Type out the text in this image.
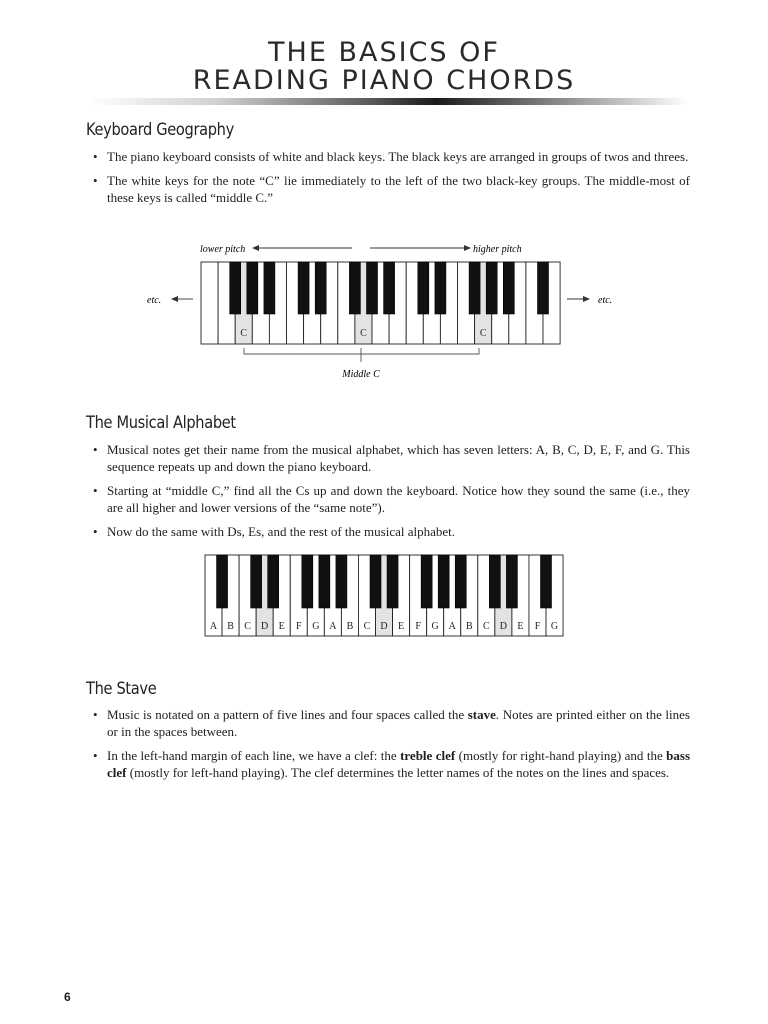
THE BASICS OF
READING PIANO CHORDS
Keyboard Geography
• The piano keyboard consists of white and black keys. The black keys are arranged in groups of twos and threes.
• The white keys for the note “C” lie immediately to the left of the two black-key groups. The middle-most of these keys is called “middle C.”
lower pitch	higher pitch
etc.	etc.
C	C	C
Middle C
The Musical Alphabet
• Musical notes get their name from the musical alphabet, which has seven letters: A, B, C, D, E, F, and G. This sequence repeats up and down the piano keyboard.
• Starting at “middle C,” find all the Cs up and down the keyboard. Notice how they sound the same (i.e., they are all higher and lower versions of the “same note”).
• Now do the same with Ds, Es, and the rest of the musical alphabet.
A B C D E F G A B C D E F G A B C D E F G
The Stave
• Music is notated on a pattern of five lines and four spaces called the stave. Notes are printed either on the lines or in the spaces between.
• In the left-hand margin of each line, we have a clef: the treble clef (mostly for right-hand playing) and the bass clef (mostly for left-hand playing). The clef determines the letter names of the notes on the lines and spaces.
6
